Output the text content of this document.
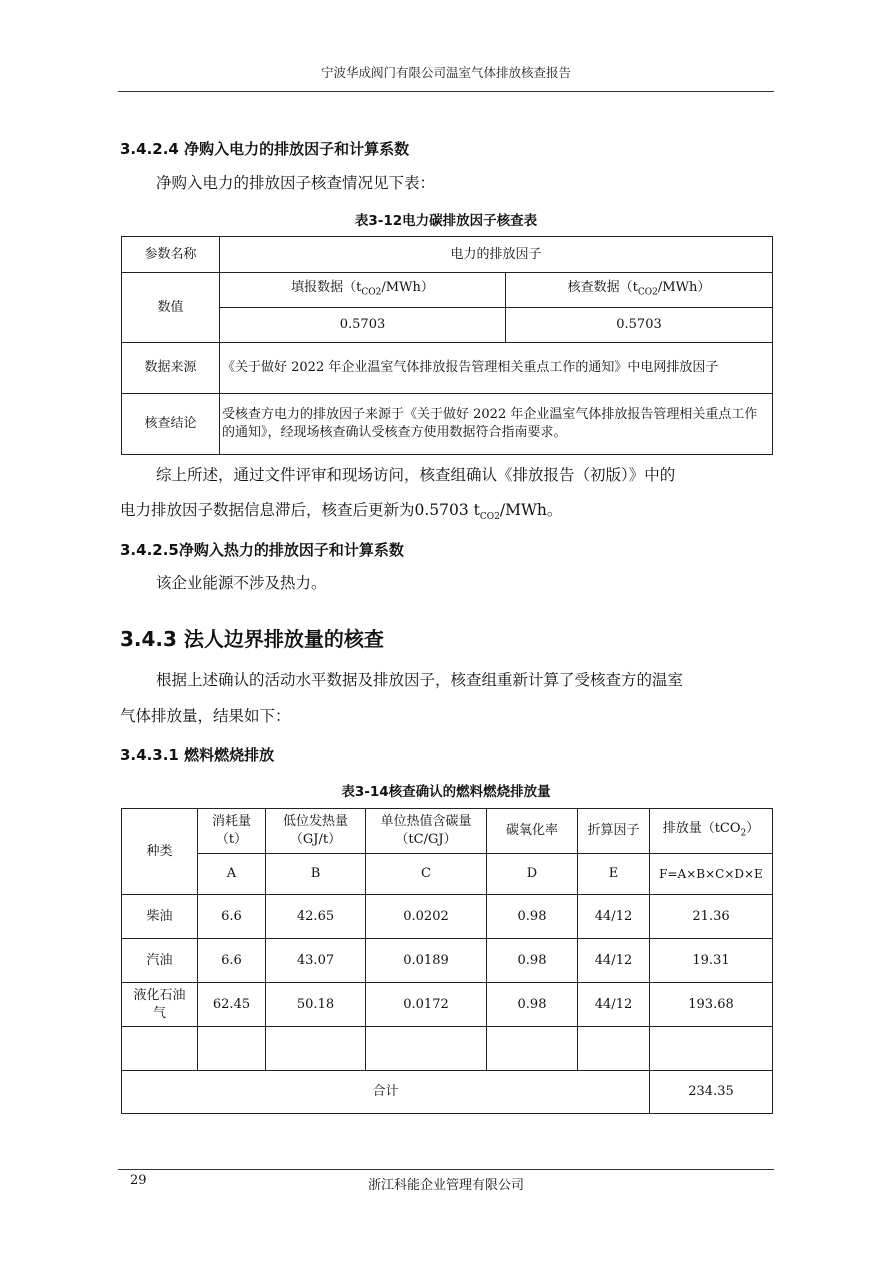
宁波华成阀门有限公司温室气体排放核查报告
3.4.2.4 净购入电力的排放因子和计算系数
净购入电力的排放因子核查情况见下表：
表3-12电力碳排放因子核查表
参数名称	电力的排放因子	
数值	填报数据$(t_{CO2}/MWh)$	核查数据$(t_{CO2}/MWh)$
	0.5703	0.5703
数据来源	《关于做好 2022 年企业温室气体排放报告管理相关重点工作的通知》中电网排放因子	
核查结论	受核查方电力的排放因子来源于《关于做好 2022 年企业温室气体排放报告管理相关重点工作的通知》，经现场核查确认受核查方使用数据符合指南要求。	
综上所述，通过文件评审和现场访问，核查组确认《排放报告（初版）》中的
电力排放因子数据信息滞后，核查后更新为0.5703 $t_{CO2}$/MWh。
3.4.2.5净购入热力的排放因子和计算系数
该企业能源不涉及热力。
3.4.3 法人边界排放量的核查
根据上述确认的活动水平数据及排放因子，核查组重新计算了受核查方的温室
气体排放量，结果如下：
3.4.3.1 燃料燃烧排放
表3-14核查确认的燃料燃烧排放量
种类	消耗量（t）	低位发热量（GJ/t）	单位热值含碳量（tC/GJ）	碳氧化率	折算因子	排放量（tCO$_2$）
	A	B	C	D	E	F=A×B×C×D×E
柴油	6.6	42.65	0.0202	0.98	44/12	21.36
汽油	6.6	43.07	0.0189	0.98	44/12	19.31
液化石油气	62.45	50.18	0.0172	0.98	44/12	193.68

合计						234.35
29	浙江科能企业管理有限公司
